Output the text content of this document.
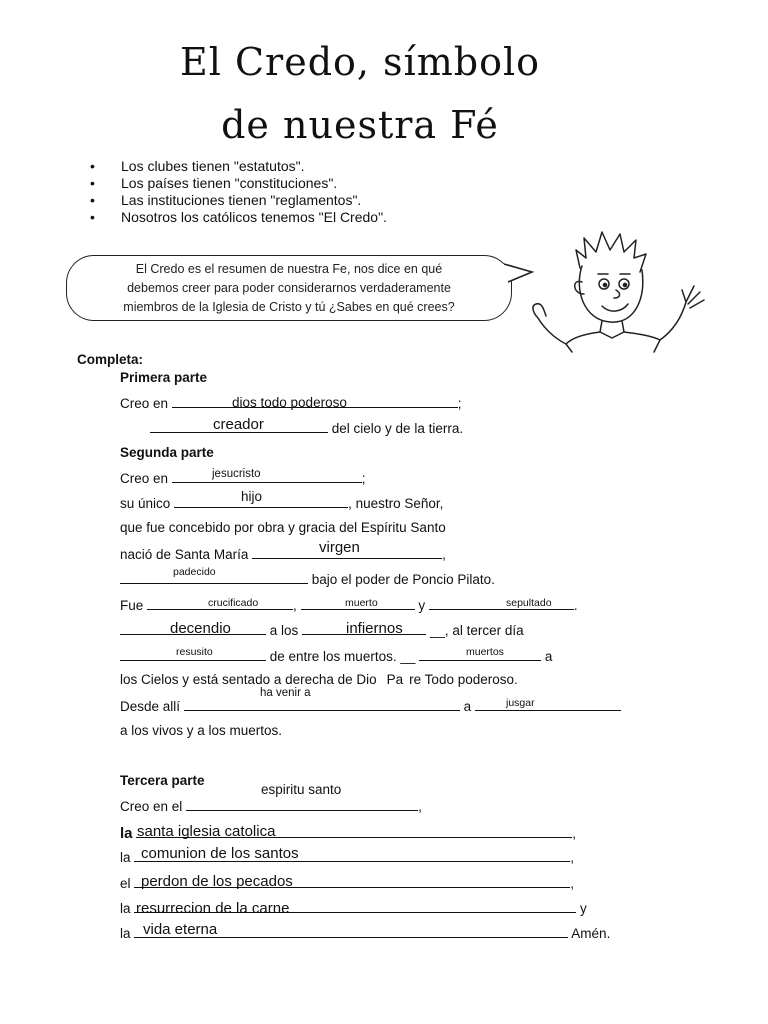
El Credo, símbolo
de nuestra Fé
• Los clubes tienen "estatutos".
• Los países tienen "constituciones".
• Las instituciones tienen "reglamentos".
• Nosotros los católicos tenemos "El Credo".
El Credo es el resumen de nuestra Fe, nos dice en qué
debemos creer para poder considerarnos verdaderamente
miembros de la Iglesia de Cristo y tú ¿Sabes en qué crees?
Completa:
Primera parte
Creo en	;
dios todo poderoso
del cielo y de la tierra.
creador
Segunda parte
Creo en	;
jesucristo
su único	, nuestro Señor,
hijo
que fue concebido por obra y gracia del Espíritu Santo
nació de Santa María	,
virgen
bajo el poder de Poncio Pilato.
padecido
Fue	,	y	.
crucificado	muerto	sepultado
a los	__, al tercer día
decendio	infiernos
de entre los muertos. __	a
resusito	muertos
los Cielos y está sentado a derecha de Dio Pa re Todo poderoso.
Desde allí	a
ha venir a
jusgar
a los vivos y a los muertos.
Tercera parte
espiritu santo
Creo en el	,
la	,
santa iglesia catolica
la	,
comunion de los santos
el	,
perdon de los pecados
la	y
resurrecion de la carne
la	Amén.
vida eterna
